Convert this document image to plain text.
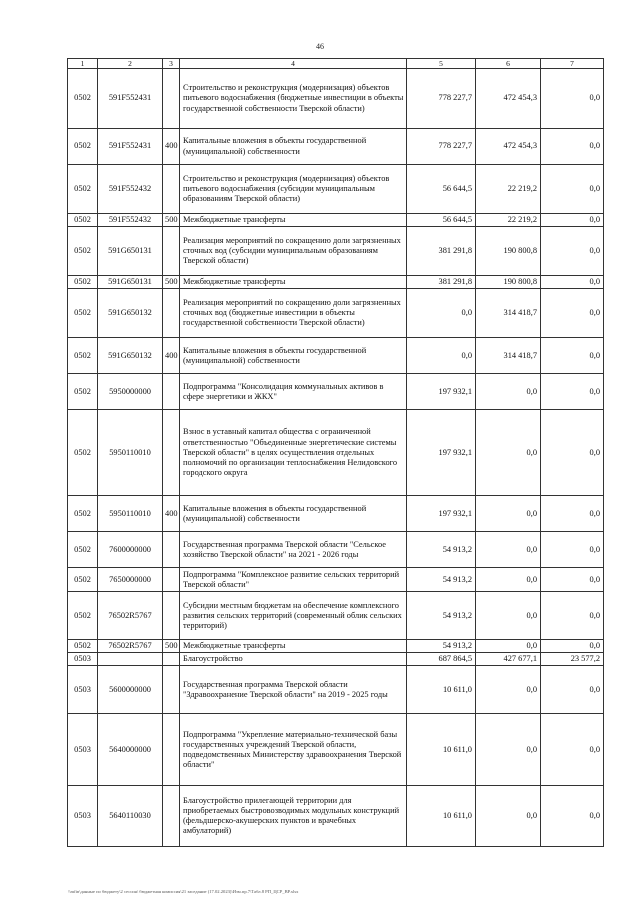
46
1	2	3	4	5	6	7
0502	591F552431		Строительство и реконструкция (модернизация) объектов питьевого водоснабжения (бюджетные инвестиции в объекты государственной собственности Тверской области)	778 227,7	472 454,3	0,0
0502	591F552431	400	Капитальные вложения в объекты государственной (муниципальной) собственности	778 227,7	472 454,3	0,0
0502	591F552432		Строительство и реконструкция (модернизация) объектов питьевого водоснабжения (субсидии муниципальным образованиям Тверской области)	56 644,5	22 219,2	0,0
0502	591F552432	500	Межбюджетные трансферты	56 644,5	22 219,2	0,0
0502	591G650131		Реализация мероприятий по сокращению доли загрязненных сточных вод (субсидии муниципальным образованиям Тверской области)	381 291,8	190 800,8	0,0
0502	591G650131	500	Межбюджетные трансферты	381 291,8	190 800,8	0,0
0502	591G650132		Реализация мероприятий по сокращению доли загрязненных сточных вод (бюджетные инвестиции в объекты государственной собственности Тверской области)	0,0	314 418,7	0,0
0502	591G650132	400	Капитальные вложения в объекты государственной (муниципальной) собственности	0,0	314 418,7	0,0
0502	5950000000		Подпрограмма "Консолидация коммунальных активов в сфере энергетики и ЖКХ"	197 932,1	0,0	0,0
0502	5950110010		Взнос в уставный капитал общества с ограниченной ответственностью "Объединенные энергетические системы Тверской области" в целях осуществления отдельных полномочий по организации теплоснабжения Нелидовского городского округа	197 932,1	0,0	0,0
0502	5950110010	400	Капитальные вложения в объекты государственной (муниципальной) собственности	197 932,1	0,0	0,0
0502	7600000000		Государственная программа Тверской области "Сельское хозяйство Тверской области" на 2021 - 2026 годы	54 913,2	0,0	0,0
0502	7650000000		Подпрограмма "Комплексное развитие сельских территорий Тверской области"	54 913,2	0,0	0,0
0502	76502R5767		Субсидии местным бюджетам на обеспечение комплексного развития сельских территорий (современный облик сельских территорий)	54 913,2	0,0	0,0
0502	76502R5767	500	Межбюджетные трансферты	54 913,2	0,0	0,0
0503			Благоустройство	687 864,5	427 677,1	23 577,2
0503	5600000000		Государственная программа Тверской области "Здравоохранение Тверской области" на 2019 - 2025 годы	10 611,0	0,0	0,0
0503	5640000000		Подпрограмма "Укрепление материально-технической базы государственных учреждений Тверской области, подведомственных Министерству здравоохранения Тверской области"	10 611,0	0,0	0,0
0503	5640110030		Благоустройство прилегающей территории для приобретаемых быстровозводимых модульных конструкций (фельдшерско-акушерских пунктов и врачебных амбулаторий)	10 611,0	0,0	0,0
\\mfin\данные по бюджету\2 сессия\ бюджетная комиссия\21 заседание (17.02.2023)\Изм.пр.7\Табл.8 РП_ЦСР_ВР.xlsx
